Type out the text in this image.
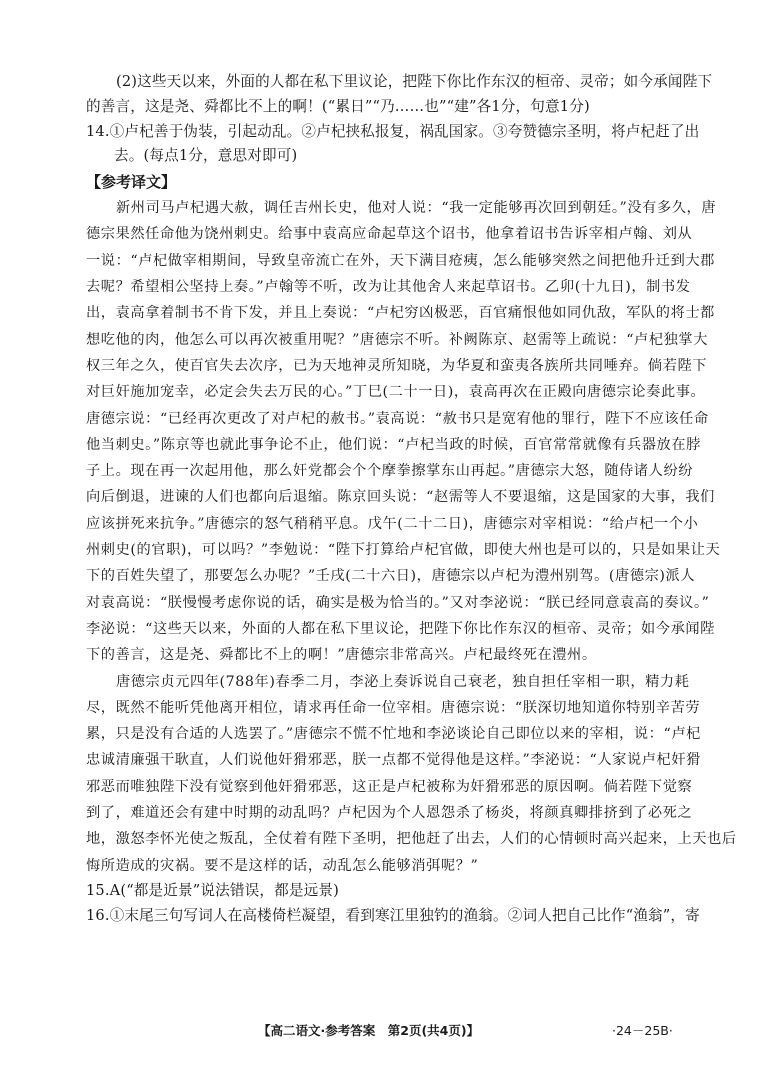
(2)这些天以来，外面的人都在私下里议论，把陛下你比作东汉的桓帝、灵帝；如今承闻陛下
的善言，这是尧、舜都比不上的啊！(“累日”“乃……也”“建”各1分，句意1分)
14.①卢杞善于伪装，引起动乱。②卢杞挟私报复，祸乱国家。③夸赞德宗圣明，将卢杞赶了出
去。(每点1分，意思对即可)
【参考译文】
新州司马卢杞遇大赦，调任吉州长史，他对人说：“我一定能够再次回到朝廷。”没有多久，唐
德宗果然任命他为饶州刺史。给事中袁高应命起草这个诏书，他拿着诏书告诉宰相卢翰、刘从
一说：“卢杞做宰相期间，导致皇帝流亡在外，天下满目疮痍，怎么能够突然之间把他升迁到大郡
去呢？希望相公坚持上奏。”卢翰等不听，改为让其他舍人来起草诏书。乙卯(十九日)，制书发
出，袁高拿着制书不肯下发，并且上奏说：“卢杞穷凶极恶，百官痛恨他如同仇敌，军队的将士都
想吃他的肉，他怎么可以再次被重用呢？”唐德宗不听。补阙陈京、赵需等上疏说：“卢杞独掌大
权三年之久，使百官失去次序，已为天地神灵所知晓，为华夏和蛮夷各族所共同唾弃。倘若陛下
对巨奸施加宠幸，必定会失去万民的心。”丁巳(二十一日)，袁高再次在正殿向唐德宗论奏此事。
唐德宗说：“已经再次更改了对卢杞的赦书。”袁高说：“赦书只是宽宥他的罪行，陛下不应该任命
他当刺史。”陈京等也就此事争论不止，他们说：“卢杞当政的时候，百官常常就像有兵器放在脖
子上。现在再一次起用他，那么奸党都会个个摩拳擦掌东山再起。”唐德宗大怒，随侍诸人纷纷
向后倒退，进谏的人们也都向后退缩。陈京回头说：“赵需等人不要退缩，这是国家的大事，我们
应该拼死来抗争。”唐德宗的怒气稍稍平息。戊午(二十二日)，唐德宗对宰相说：“给卢杞一个小
州刺史(的官职)，可以吗？”李勉说：“陛下打算给卢杞官做，即使大州也是可以的，只是如果让天
下的百姓失望了，那要怎么办呢？”壬戌(二十六日)，唐德宗以卢杞为澧州别驾。(唐德宗)派人
对袁高说：“朕慢慢考虑你说的话，确实是极为恰当的。”又对李泌说：“朕已经同意袁高的奏议。”
李泌说：“这些天以来，外面的人都在私下里议论，把陛下你比作东汉的桓帝、灵帝；如今承闻陛
下的善言，这是尧、舜都比不上的啊！”唐德宗非常高兴。卢杞最终死在澧州。
唐德宗贞元四年(788年)春季二月，李泌上奏诉说自己衰老，独自担任宰相一职，精力耗
尽，既然不能听凭他离开相位，请求再任命一位宰相。唐德宗说：“朕深切地知道你特别辛苦劳
累，只是没有合适的人选罢了。”唐德宗不慌不忙地和李泌谈论自己即位以来的宰相，说：“卢杞
忠诚清廉强干耿直，人们说他奸猾邪恶，朕一点都不觉得他是这样。”李泌说：“人家说卢杞奸猾
邪恶而唯独陛下没有觉察到他奸猾邪恶，这正是卢杞被称为奸猾邪恶的原因啊。倘若陛下觉察
到了，难道还会有建中时期的动乱吗？卢杞因为个人恩怨杀了杨炎，将颜真卿排挤到了必死之
地，激怒李怀光使之叛乱，全仗着有陛下圣明，把他赶了出去，人们的心情顿时高兴起来，上天也后
悔所造成的灾祸。要不是这样的话，动乱怎么能够消弭呢？”
15.A(“都是近景”说法错误，都是远景)
16.①末尾三句写词人在高楼倚栏凝望，看到寒江里独钓的渔翁。②词人把自己比作“渔翁”，寄
【高二语文·参考答案　第2页(共4页)】	·24－25B·
